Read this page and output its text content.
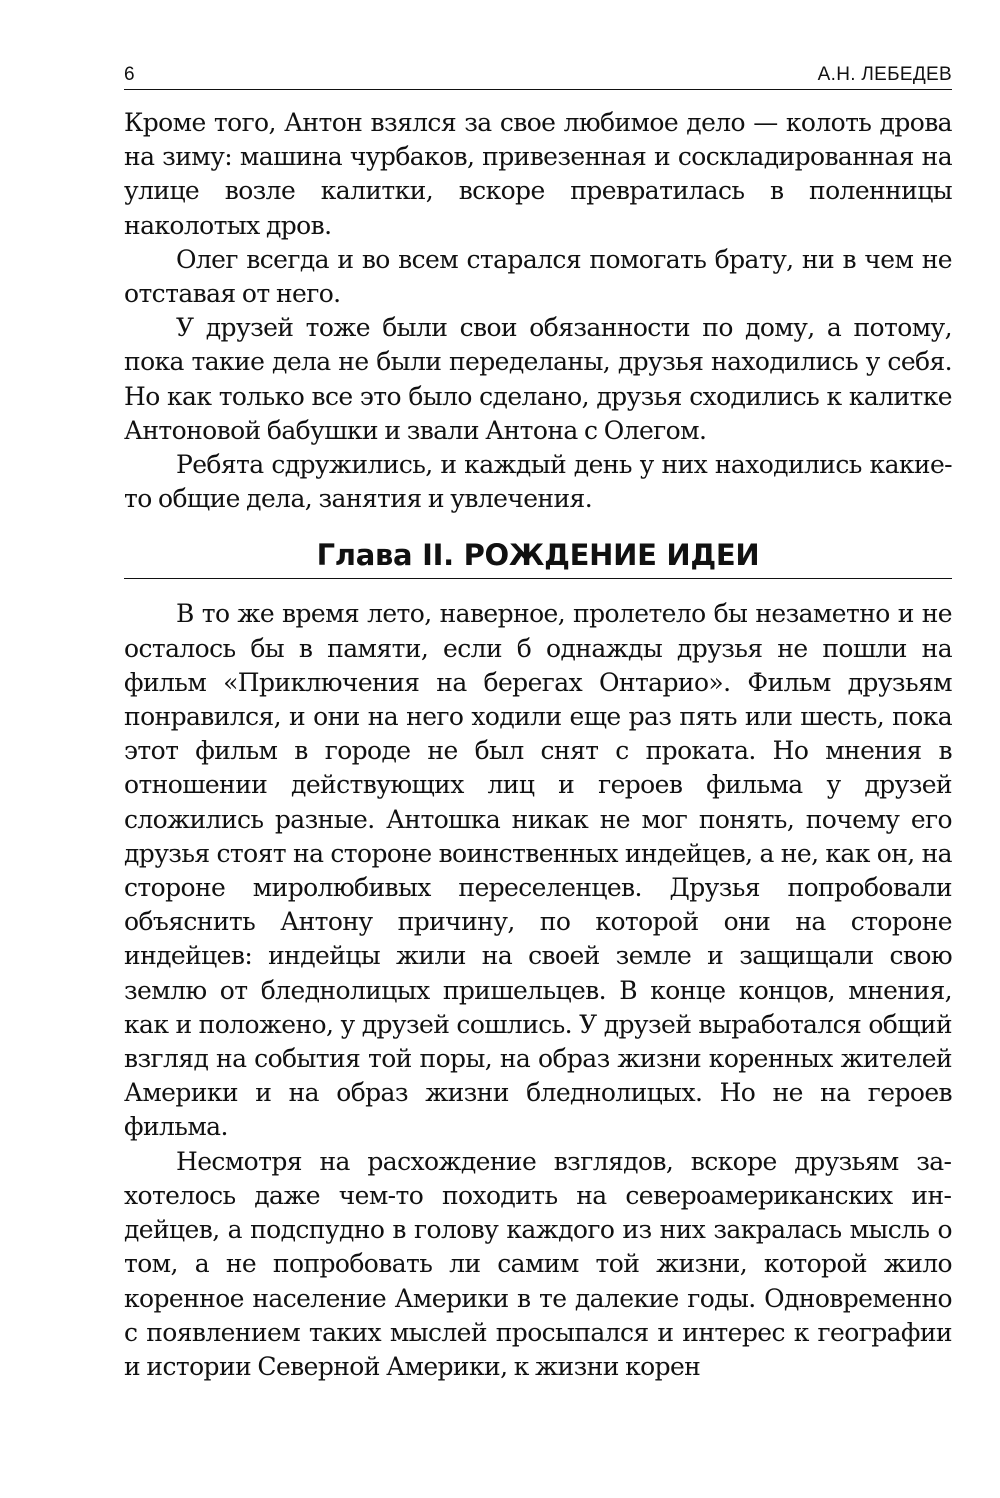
6	А.Н. ЛЕБЕДЕВ

Кроме того, Антон взялся за свое любимое дело — колоть дрова на зиму: машина чурбаков, привезенная и соскладированная на улице возле калитки, вскоре превратилась в поленницы наколотых дров.

Олег всегда и во всем старался помогать брату, ни в чем не отставая от него.

У друзей тоже были свои обязанности по дому, а потому, пока такие дела не были переделаны, друзья находились у себя. Но как только все это было сделано, друзья сходились к калитке Антоновой бабушки и звали Антона с Олегом.

Ребята сдружились, и каждый день у них находились какие-то общие дела, занятия и увлечения.

Глава II. РОЖДЕНИЕ ИДЕИ

В то же время лето, наверное, пролетело бы незаметно и не осталось бы в памяти, если б однажды друзья не пошли на фильм «Приключения на берегах Онтарио». Фильм друзьям понравился, и они на него ходили еще раз пять или шесть, пока этот фильм в городе не был снят с проката. Но мнения в отношении действующих лиц и героев фильма у друзей сложились разные. Антошка никак не мог понять, почему его друзья стоят на стороне воинственных индейцев, а не, как он, на стороне миролюбивых переселенцев. Друзья попробовали объяснить Антону причину, по которой они на стороне индейцев: индейцы жили на своей земле и защищали свою землю от бледнолицых пришельцев. В конце концов, мнения, как и положено, у друзей сошлись. У друзей выработался общий взгляд на события той поры, на образ жизни коренных жителей Америки и на образ жизни бледнолицых. Но не на героев фильма.

Несмотря на расхождение взглядов, вскоре друзьям захотелось даже чем-то походить на североамериканских индейцев, а подспудно в голову каждого из них закралась мысль о том, а не попробовать ли самим той жизни, которой жило коренное население Америки в те далекие годы. Одновременно с появлением таких мыслей просыпался и интерес к географии и истории Северной Америки, к жизни корен
